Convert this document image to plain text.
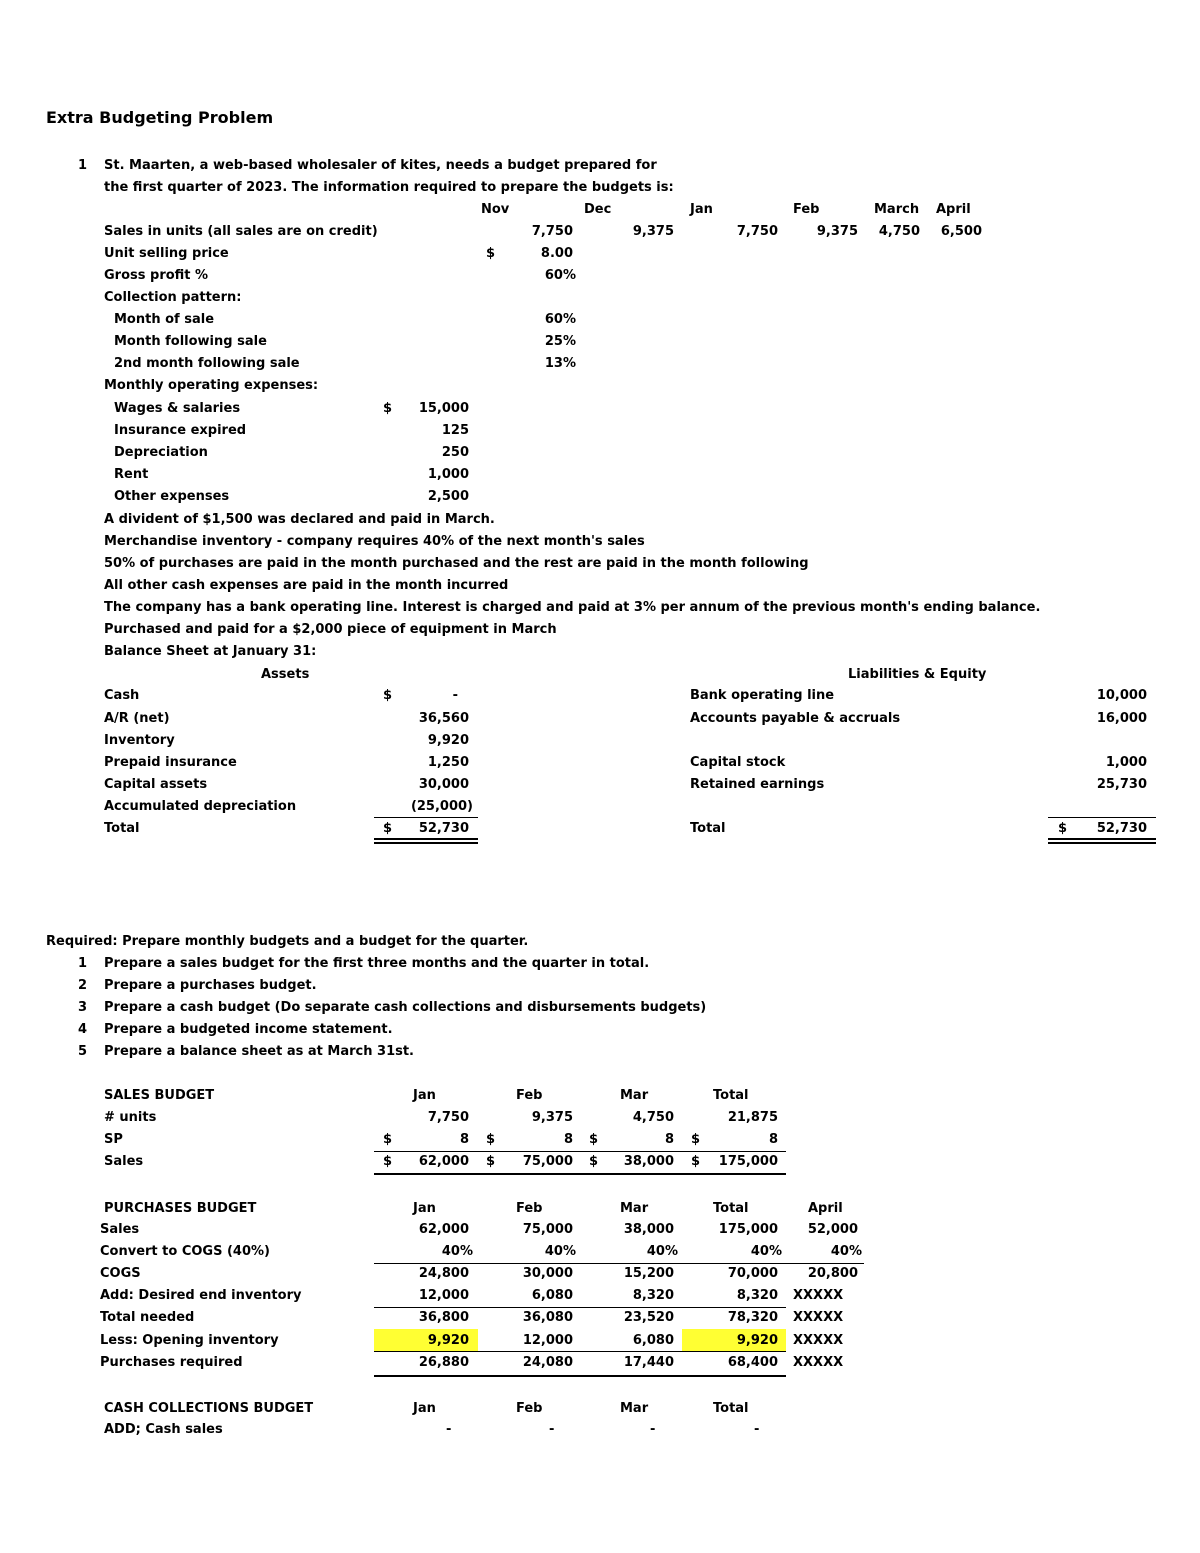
Extra Budgeting Problem
1 St. Maarten, a web-based wholesaler of kites, needs a budget prepared for
the first quarter of 2023. The information required to prepare the budgets is:
Nov	Dec	Jan	Feb	March April
Sales in units (all sales are on credit)	7,750	9,375	7,750	9,375 4,750 6,500
Unit selling price	$	8.00
Gross profit %	60%
Collection pattern:
Month of sale	60%
Month following sale	25%
2nd month following sale	13%
Monthly operating expenses:
Wages & salaries	$ 15,000
Insurance expired	125
Depreciation	250
Rent	1,000
Other expenses	2,500
A divident of $1,500 was declared and paid in March.
Merchandise inventory - company requires 40% of the next month's sales
50% of purchases are paid in the month purchased and the rest are paid in the month following
All other cash expenses are paid in the month incurred
The company has a bank operating line. Interest is charged and paid at 3% per annum of the previous month's ending balance.
Purchased and paid for a $2,000 piece of equipment in March
Balance Sheet at January 31:
Assets	Liabilities & Equity
Cash	$	-
A/R (net)	36,560
Inventory	9,920
Prepaid insurance	1,250
Capital assets	30,000
Accumulated depreciation	(25,000)
Total	$ 52,730
Bank operating line	10,000
Accounts payable & accruals	16,000
Capital stock	1,000
Retained earnings	25,730
Total	$ 52,730
Required: Prepare monthly budgets and a budget for the quarter.
1 Prepare a sales budget for the first three months and the quarter in total.
2 Prepare a purchases budget.
3 Prepare a cash budget (Do separate cash collections and disbursements budgets)
4 Prepare a budgeted income statement.
5 Prepare a balance sheet as at March 31st.
SALES BUDGET	Jan	Feb	Mar	Total
# units	7,750	9,375	4,750	21,875
SP	$	8 $	8 $	8 $	8
Sales	$ 62,000 $ 75,000 $ 38,000 $ 175,000
PURCHASES BUDGET	Jan	Feb	Mar	Total	April
Sales	62,000	75,000	38,000	175,000 52,000
Convert to COGS (40%)	40%	40%	40%	40%	40%
COGS	24,800	30,000	15,200	70,000 20,800
Add: Desired end inventory	12,000	6,080	8,320	8,320 XXXXX
Total needed	36,800	36,080	23,520	78,320 XXXXX
Less: Opening inventory	9,920	12,000	6,080	9,920 XXXXX
Purchases required	26,880	24,080	17,440	68,400 XXXXX
CASH COLLECTIONS BUDGET	Jan	Feb	Mar	Total
ADD; Cash sales	-	-	-	-
